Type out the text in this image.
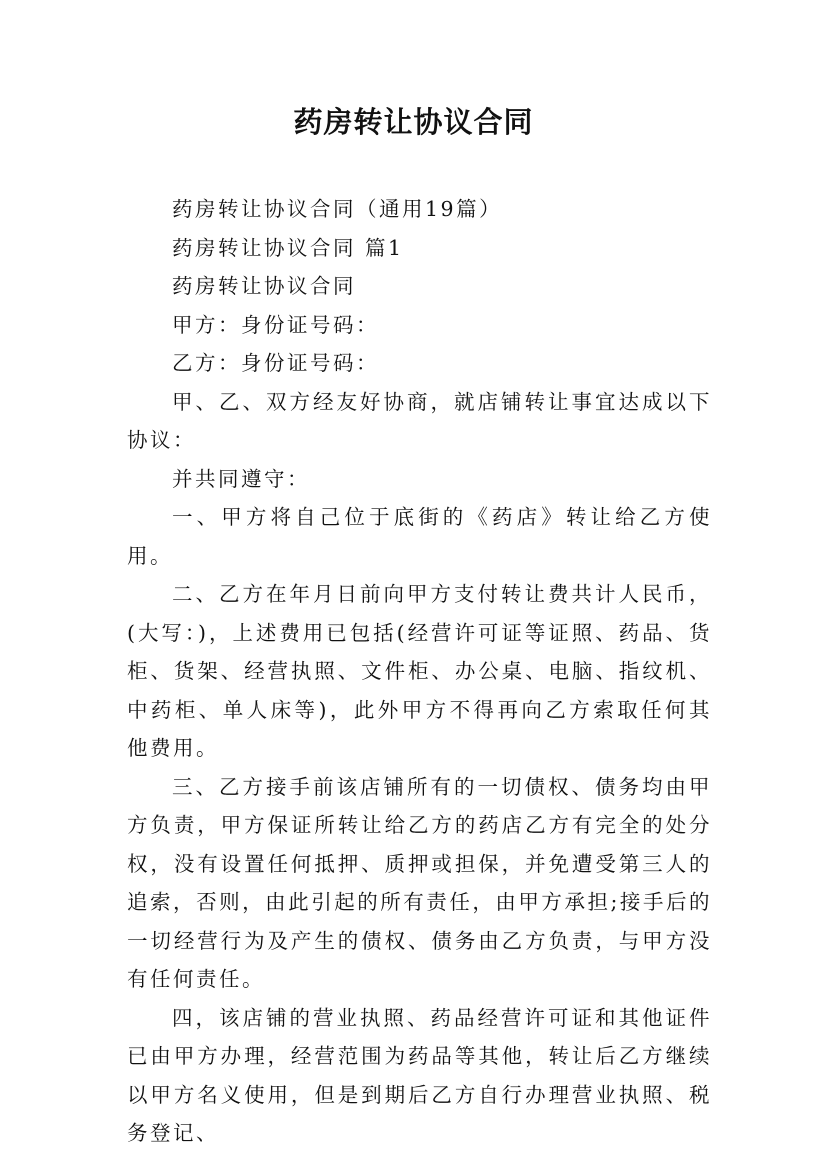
药房转让协议合同

药房转让协议合同（通用19篇）

药房转让协议合同 篇1

药房转让协议合同

甲方：身份证号码：

乙方：身份证号码：

甲、乙、双方经友好协商，就店铺转让事宜达成以下协议：

并共同遵守：

一、甲方将自己位于底街的《药店》转让给乙方使用。

二、乙方在年月日前向甲方支付转让费共计人民币，(大写：)，上述费用已包括(经营许可证等证照、药品、货柜、货架、经营执照、文件柜、办公桌、电脑、指纹机、中药柜、单人床等)，此外甲方不得再向乙方索取任何其他费用。

三、乙方接手前该店铺所有的一切债权、债务均由甲方负责，甲方保证所转让给乙方的药店乙方有完全的处分权，没有设置任何抵押、质押或担保，并免遭受第三人的追索，否则，由此引起的所有责任，由甲方承担;接手后的一切经营行为及产生的债权、债务由乙方负责，与甲方没有任何责任。

四，该店铺的营业执照、药品经营许可证和其他证件已由甲方办理，经营范围为药品等其他，转让后乙方继续以甲方名义使用，但是到期后乙方自行办理营业执照、税务登记、
